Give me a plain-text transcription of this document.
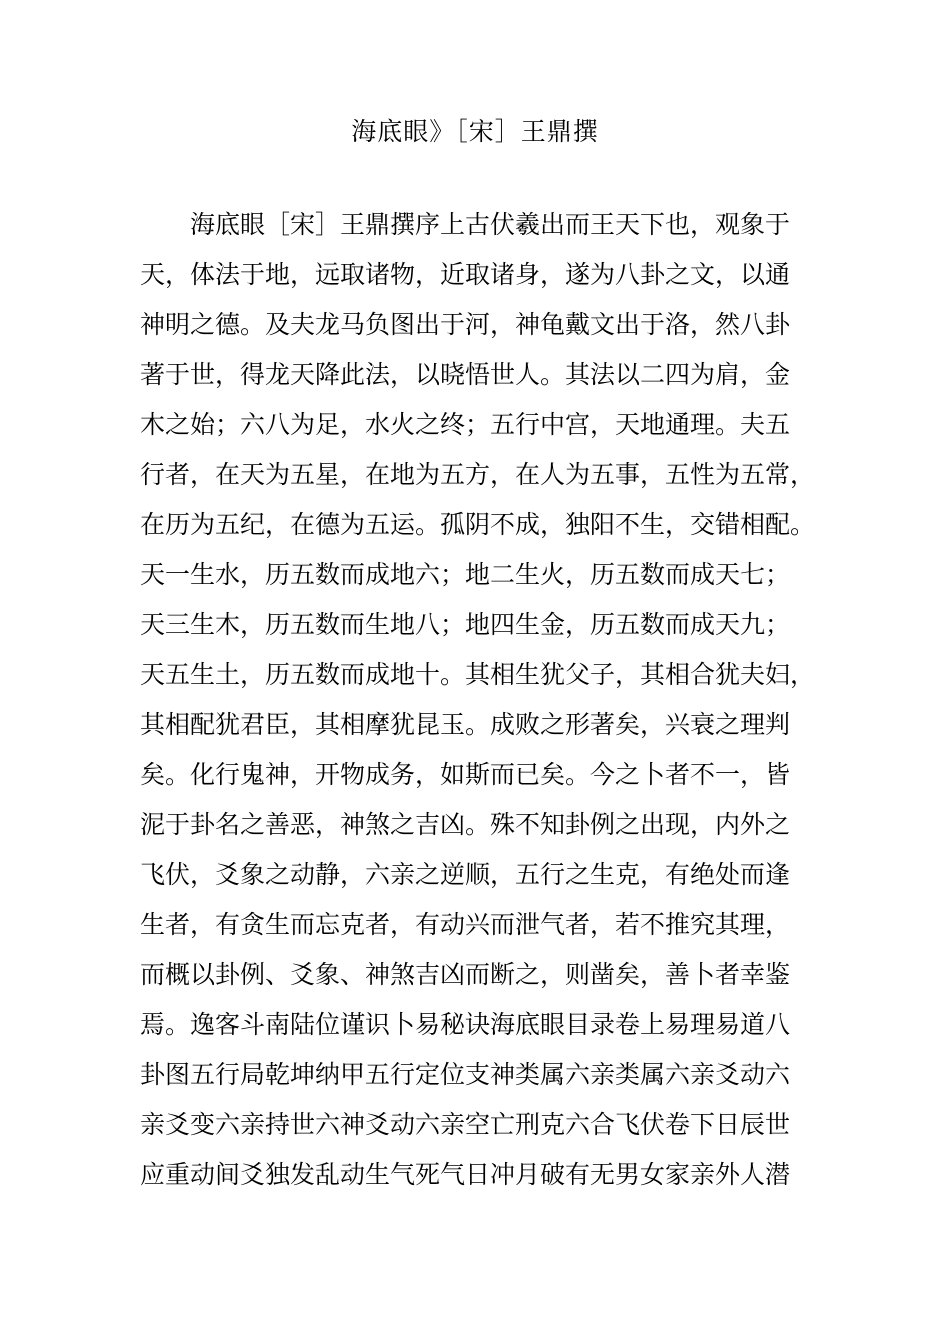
海底眼》［宋］王鼎撰
海底眼［宋］王鼎撰序上古伏羲出而王天下也，观象于
天，体法于地，远取诸物，近取诸身，遂为八卦之文，以通
神明之德。及夫龙马负图出于河，神龟戴文出于洛，然八卦
著于世，得龙天降此法，以晓悟世人。其法以二四为肩，金
木之始；六八为足，水火之终；五行中宫，天地通理。夫五
行者，在天为五星，在地为五方，在人为五事，五性为五常，
在历为五纪，在德为五运。孤阴不成，独阳不生，交错相配。
天一生水，历五数而成地六；地二生火，历五数而成天七；
天三生木，历五数而生地八；地四生金，历五数而成天九；
天五生土，历五数而成地十。其相生犹父子，其相合犹夫妇，
其相配犹君臣，其相摩犹昆玉。成败之形著矣，兴衰之理判
矣。化行鬼神，开物成务，如斯而已矣。今之卜者不一，皆
泥于卦名之善恶，神煞之吉凶。殊不知卦例之出现，内外之
飞伏，爻象之动静，六亲之逆顺，五行之生克，有绝处而逢
生者，有贪生而忘克者，有动兴而泄气者，若不推究其理，
而概以卦例、爻象、神煞吉凶而断之，则凿矣，善卜者幸鉴
焉。逸客斗南陆位谨识卜易秘诀海底眼目录卷上易理易道八
卦图五行局乾坤纳甲五行定位支神类属六亲类属六亲爻动六
亲爻变六亲持世六神爻动六亲空亡刑克六合飞伏卷下日辰世
应重动间爻独发乱动生气死气日冲月破有无男女家亲外人潜
